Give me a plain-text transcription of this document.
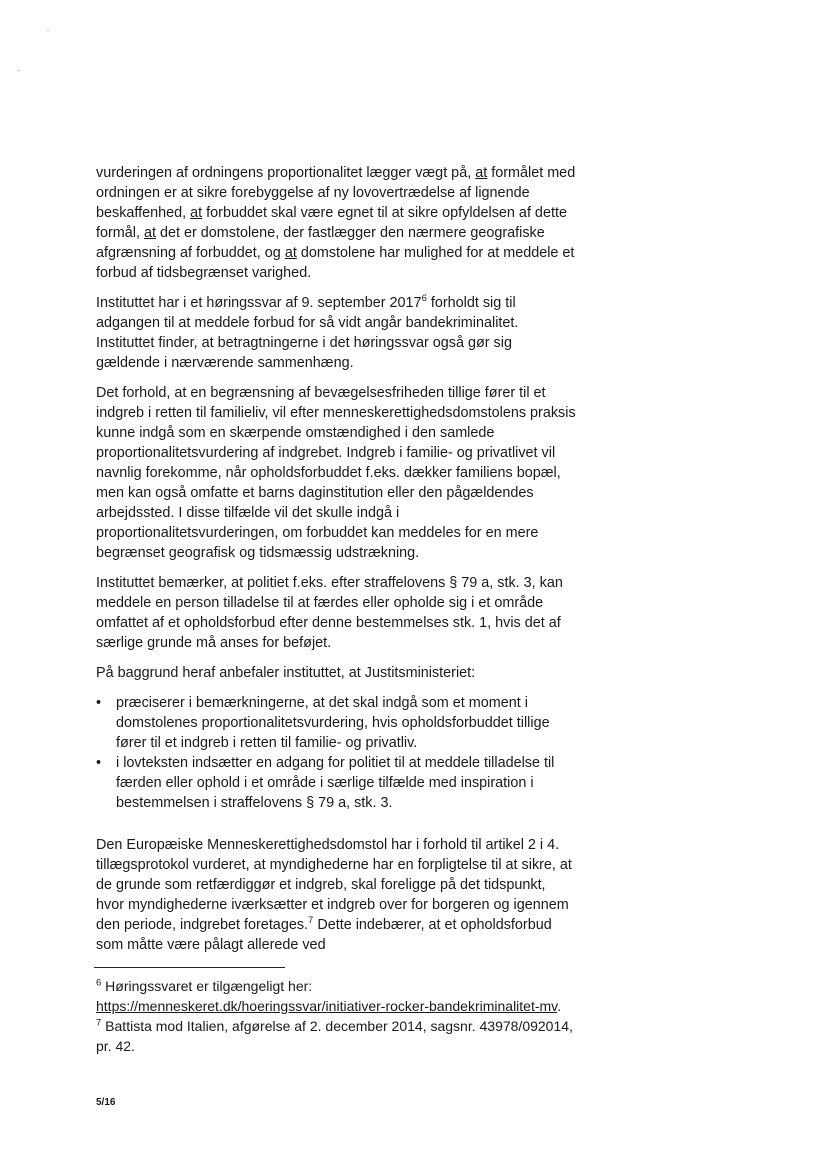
vurderingen af ordningens proportionalitet lægger vægt på, at formålet med ordningen er at sikre forebyggelse af ny lovovertrædelse af lignende beskaffenhed, at forbuddet skal være egnet til at sikre opfyldelsen af dette formål, at det er domstolene, der fastlægger den nærmere geografiske afgrænsning af forbuddet, og at domstolene har mulighed for at meddele et forbud af tidsbegrænset varighed.

Instituttet har i et høringssvar af 9. september 2017$^6$ forholdt sig til adgangen til at meddele forbud for så vidt angår bandekriminalitet. Instituttet finder, at betragtningerne i det høringssvar også gør sig gældende i nærværende sammenhæng.

Det forhold, at en begrænsning af bevægelsesfriheden tillige fører til et indgreb i retten til familieliv, vil efter menneskerettighedsdomstolens praksis kunne indgå som en skærpende omstændighed i den samlede proportionalitetsvurdering af indgrebet. Indgreb i familie- og privatlivet vil navnlig forekomme, når opholdsforbuddet f.eks. dækker familiens bopæl, men kan også omfatte et barns daginstitution eller den pågældendes arbejdssted. I disse tilfælde vil det skulle indgå i proportionalitetsvurderingen, om forbuddet kan meddeles for en mere begrænset geografisk og tidsmæssig udstrækning.

Instituttet bemærker, at politiet f.eks. efter straffelovens § 79 a, stk. 3, kan meddele en person tilladelse til at færdes eller opholde sig i et område omfattet af et opholdsforbud efter denne bestemmelses stk. 1, hvis det af særlige grunde må anses for beføjet.

På baggrund heraf anbefaler instituttet, at Justitsministeriet:

•	præciserer i bemærkningerne, at det skal indgå som et moment i domstolenes proportionalitetsvurdering, hvis opholdsforbuddet tillige fører til et indgreb i retten til familie- og privatliv.
•	i lovteksten indsætter en adgang for politiet til at meddele tilladelse til færden eller ophold i et område i særlige tilfælde med inspiration i bestemmelsen i straffelovens § 79 a, stk. 3.

Den Europæiske Menneskerettighedsdomstol har i forhold til artikel 2 i 4. tillægsprotokol vurderet, at myndighederne har en forpligtelse til at sikre, at de grunde som retfærdiggør et indgreb, skal foreligge på det tidspunkt, hvor myndighederne iværksætter et indgreb over for borgeren og igennem den periode, indgrebet foretages.$^7$ Dette indebærer, at et opholdsforbud som måtte være pålagt allerede ved

$^6$ Høringssvaret er tilgængeligt her:
https://menneskeret.dk/hoeringssvar/initiativer-rocker-bandekriminalitet-mv.

$^7$ Battista mod Italien, afgørelse af 2. december 2014, sagsnr. 43978/092014, pr. 42.

5/16
